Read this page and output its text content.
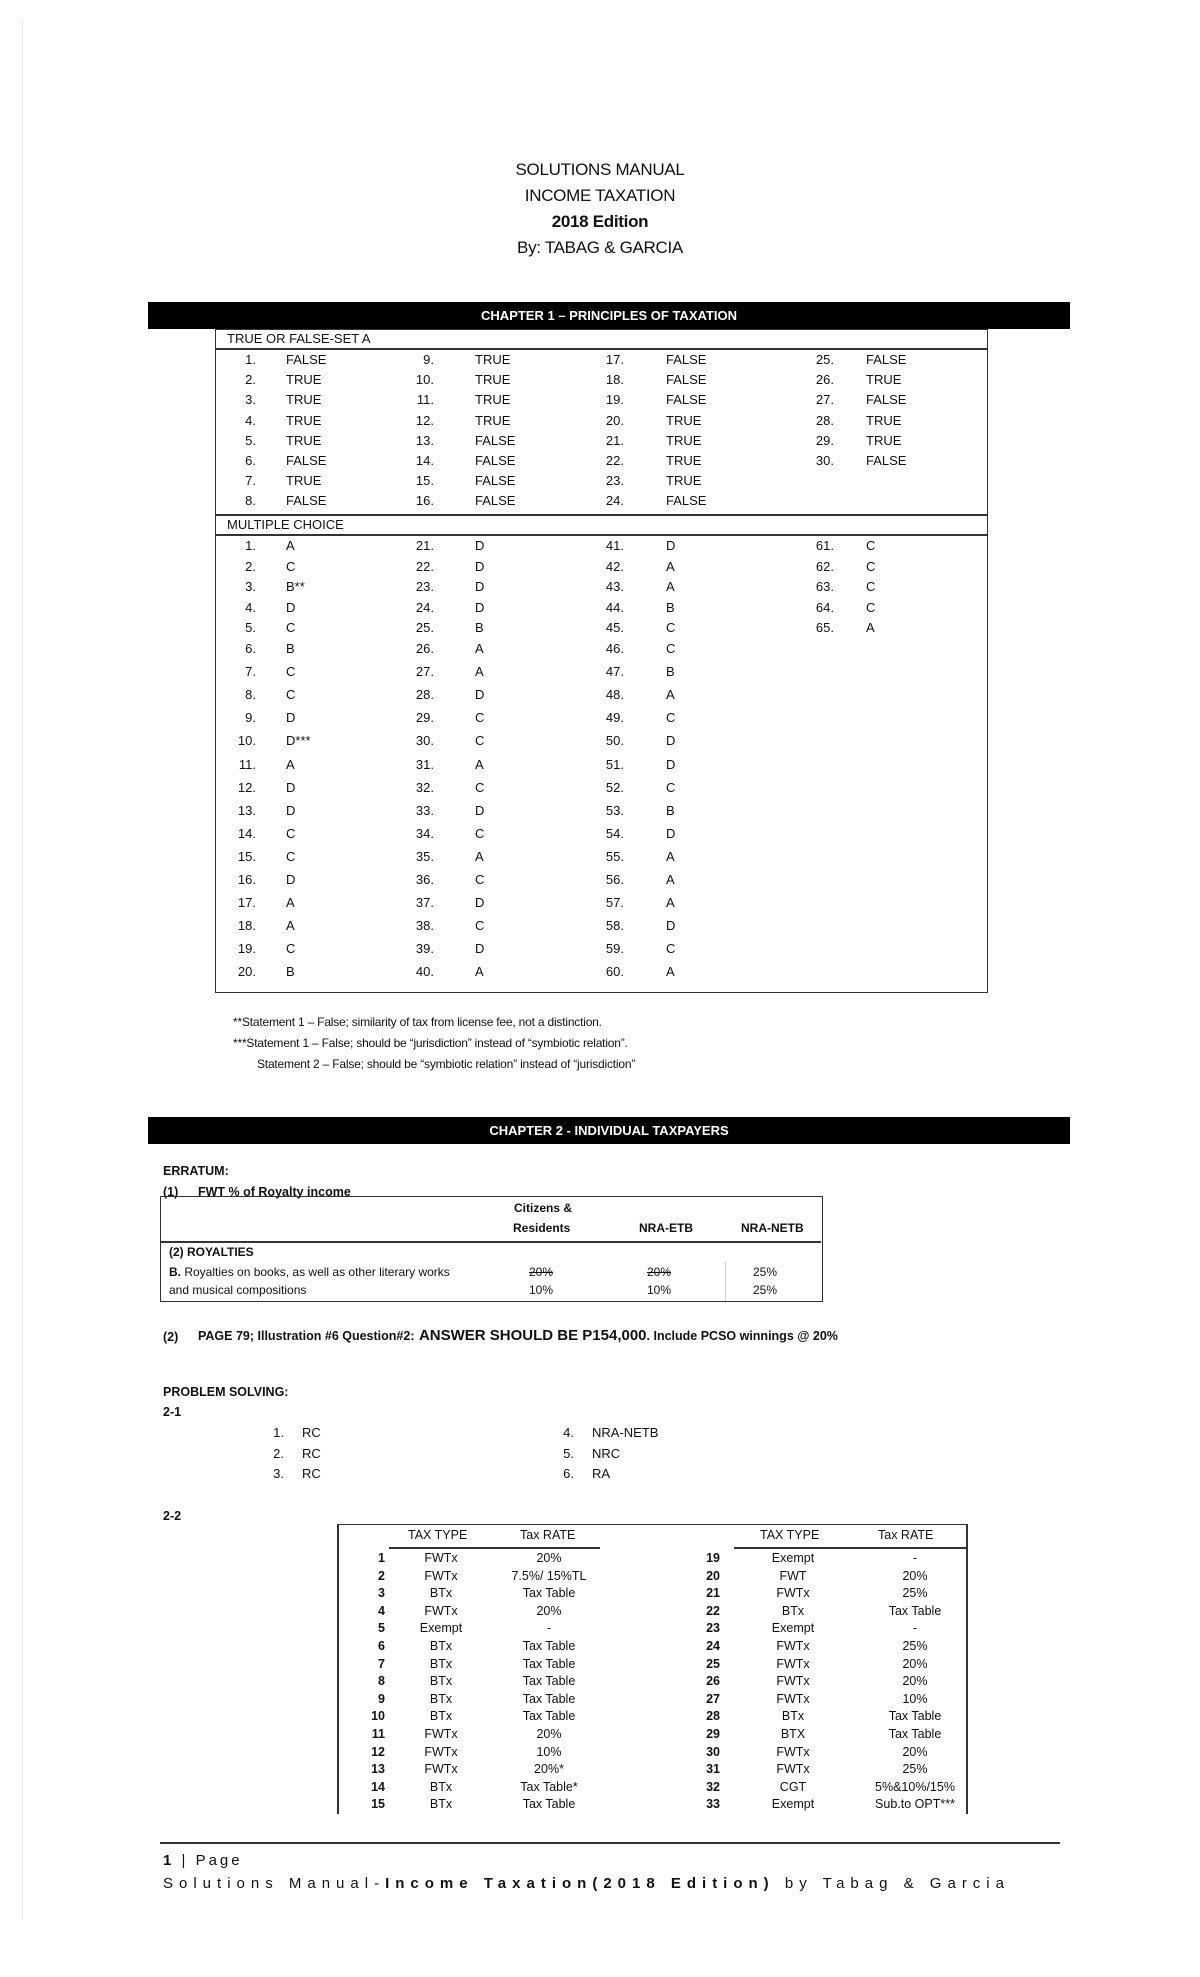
SOLUTIONS MANUAL
INCOME TAXATION
2018 Edition
By: TABAG & GARCIA
CHAPTER 1 – PRINCIPLES OF TAXATION
TRUE OR FALSE-SET A
1. FALSE	9.	TRUE	17.	FALSE	25. FALSE
2. TRUE	10.	TRUE	18.	FALSE	26. TRUE
3. TRUE	11.	TRUE	19.	FALSE	27. FALSE
4. TRUE	12.	TRUE	20.	TRUE	28. TRUE
5. TRUE	13.	FALSE	21.	TRUE	29. TRUE
6. FALSE	14.	FALSE	22.	TRUE	30. FALSE
7. TRUE	15.	FALSE	23.	TRUE
8. FALSE	16.	FALSE	24.	FALSE
MULTIPLE CHOICE
1. A	21.	D	41.	D	61. C
2. C	22.	D	42.	A	62. C
3. B**	23.	D	43.	A	63. C
4. D	24.	D	44.	B	64. C
5. C	25.	B	45.	C	65. A
6. B	26.	A	46.	C
7. C	27.	A	47.	B
8. C	28.	D	48.	A
9. D	29.	C	49.	C
10. D***	30.	C	50.	D
11. A	31.	A	51.	D
12. D	32.	C	52.	C
13. D	33.	D	53.	B
14. C	34.	C	54.	D
15. C	35.	A	55.	A
16. D	36.	C	56.	A
17. A	37.	D	57.	A
18. A	38.	C	58.	D
19. C	39.	D	59.	C
20. B	40.	A	60.	A
**Statement 1 – False; similarity of tax from license fee, not a distinction.
***Statement 1 – False; should be “jurisdiction” instead of “symbiotic relation”.
Statement 2 – False; should be “symbiotic relation” instead of “jurisdiction”
CHAPTER 2 - INDIVIDUAL TAXPAYERS
ERRATUM:
(1) FWT % of Royalty income
Citizens &
Residents	NRA-ETB	NRA-NETB
(2) ROYALTIES
B. Royalties on books, as well as other literary works	20%	20%	25%
and musical compositions	10%	10%	25%
(2) PAGE 79; Illustration #6 Question#2: ANSWER SHOULD BE P154,000. Include PCSO winnings @ 20%
PROBLEM SOLVING:
2-1
1. RC
2. RC
3. RC
4. NRA-NETB
5. NRC
6. RA
2-2
TAX TYPE	Tax RATE	TAX TYPE	Tax RATE
1	FWTx	20%	19	Exempt	-
2	FWTx	7.5%/ 15%TL	20	FWT	20%
3	BTx	Tax Table	21	FWTx	25%
4	FWTx	20%	22	BTx	Tax Table
5	Exempt	-	23	Exempt	-
6	BTx	Tax Table	24	FWTx	25%
7	BTx	Tax Table	25	FWTx	20%
8	BTx	Tax Table	26	FWTx	20%
9	BTx	Tax Table	27	FWTx	10%
10	BTx	Tax Table	28	BTx	Tax Table
11	FWTx	20%	29	BTX	Tax Table
12	FWTx	10%	30	FWTx	20%
13	FWTx	20%*	31	FWTx	25%
14	BTx	Tax Table*	32	CGT	5%&10%/15%
15	BTx	Tax Table	33	Exempt	Sub.to OPT***
1 | Page
Solutions Manual-Income Taxation(2018 Edition) by Tabag & Garcia
